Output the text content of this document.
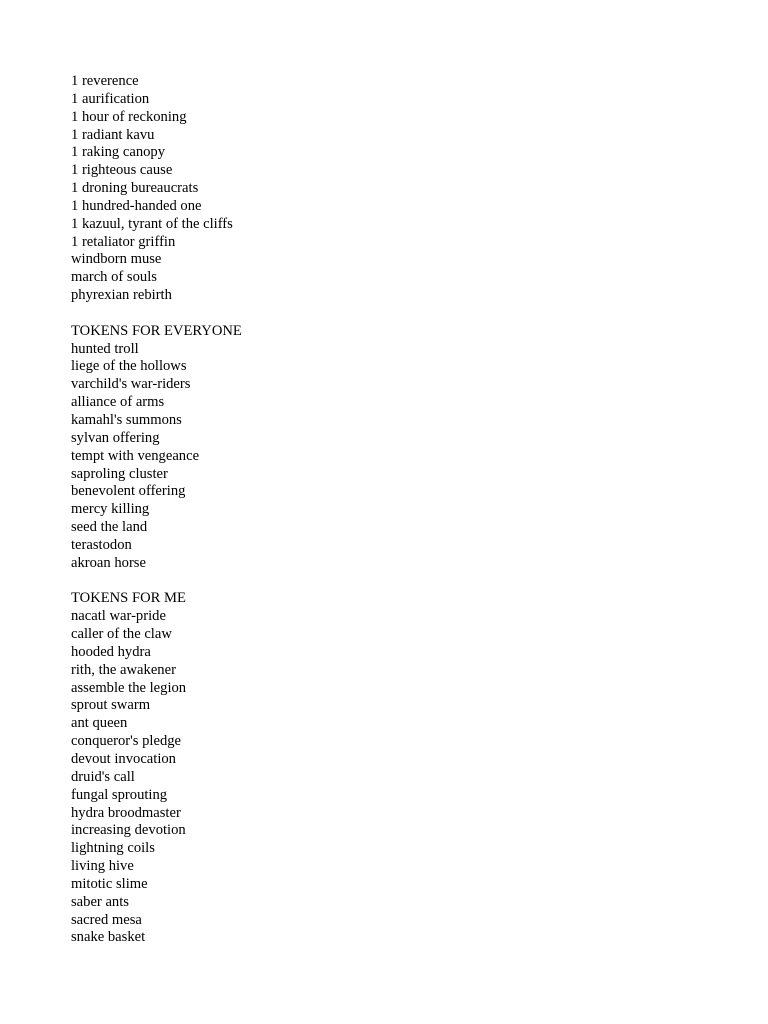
1 reverence
1 aurification
1 hour of reckoning
1 radiant kavu
1 raking canopy
1 righteous cause
1 droning bureaucrats
1 hundred-handed one
1 kazuul, tyrant of the cliffs
1 retaliator griffin
windborn muse
march of souls
phyrexian rebirth
TOKENS FOR EVERYONE
hunted troll
liege of the hollows
varchild's war-riders
alliance of arms
kamahl's summons
sylvan offering
tempt with vengeance
saproling cluster
benevolent offering
mercy killing
seed the land
terastodon
akroan horse
TOKENS FOR ME
nacatl war-pride
caller of the claw
hooded hydra
rith, the awakener
assemble the legion
sprout swarm
ant queen
conqueror's pledge
devout invocation
druid's call
fungal sprouting
hydra broodmaster
increasing devotion
lightning coils
living hive
mitotic slime
saber ants
sacred mesa
snake basket
